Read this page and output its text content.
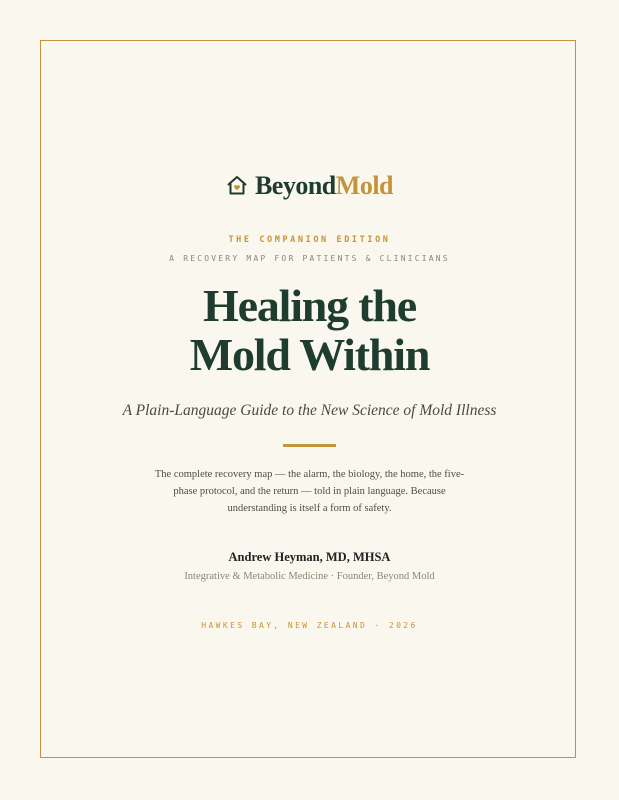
BeyondMold
THE COMPANION EDITION
A RECOVERY MAP FOR PATIENTS & CLINICIANS
Healing the
Mold Within
A Plain-Language Guide to the New Science of Mold Illness
The complete recovery map — the alarm, the biology, the home, the five-phase protocol, and the return — told in plain language. Because understanding is itself a form of safety.
Andrew Heyman, MD, MHSA
Integrative & Metabolic Medicine · Founder, Beyond Mold
HAWKES BAY, NEW ZEALAND · 2026
